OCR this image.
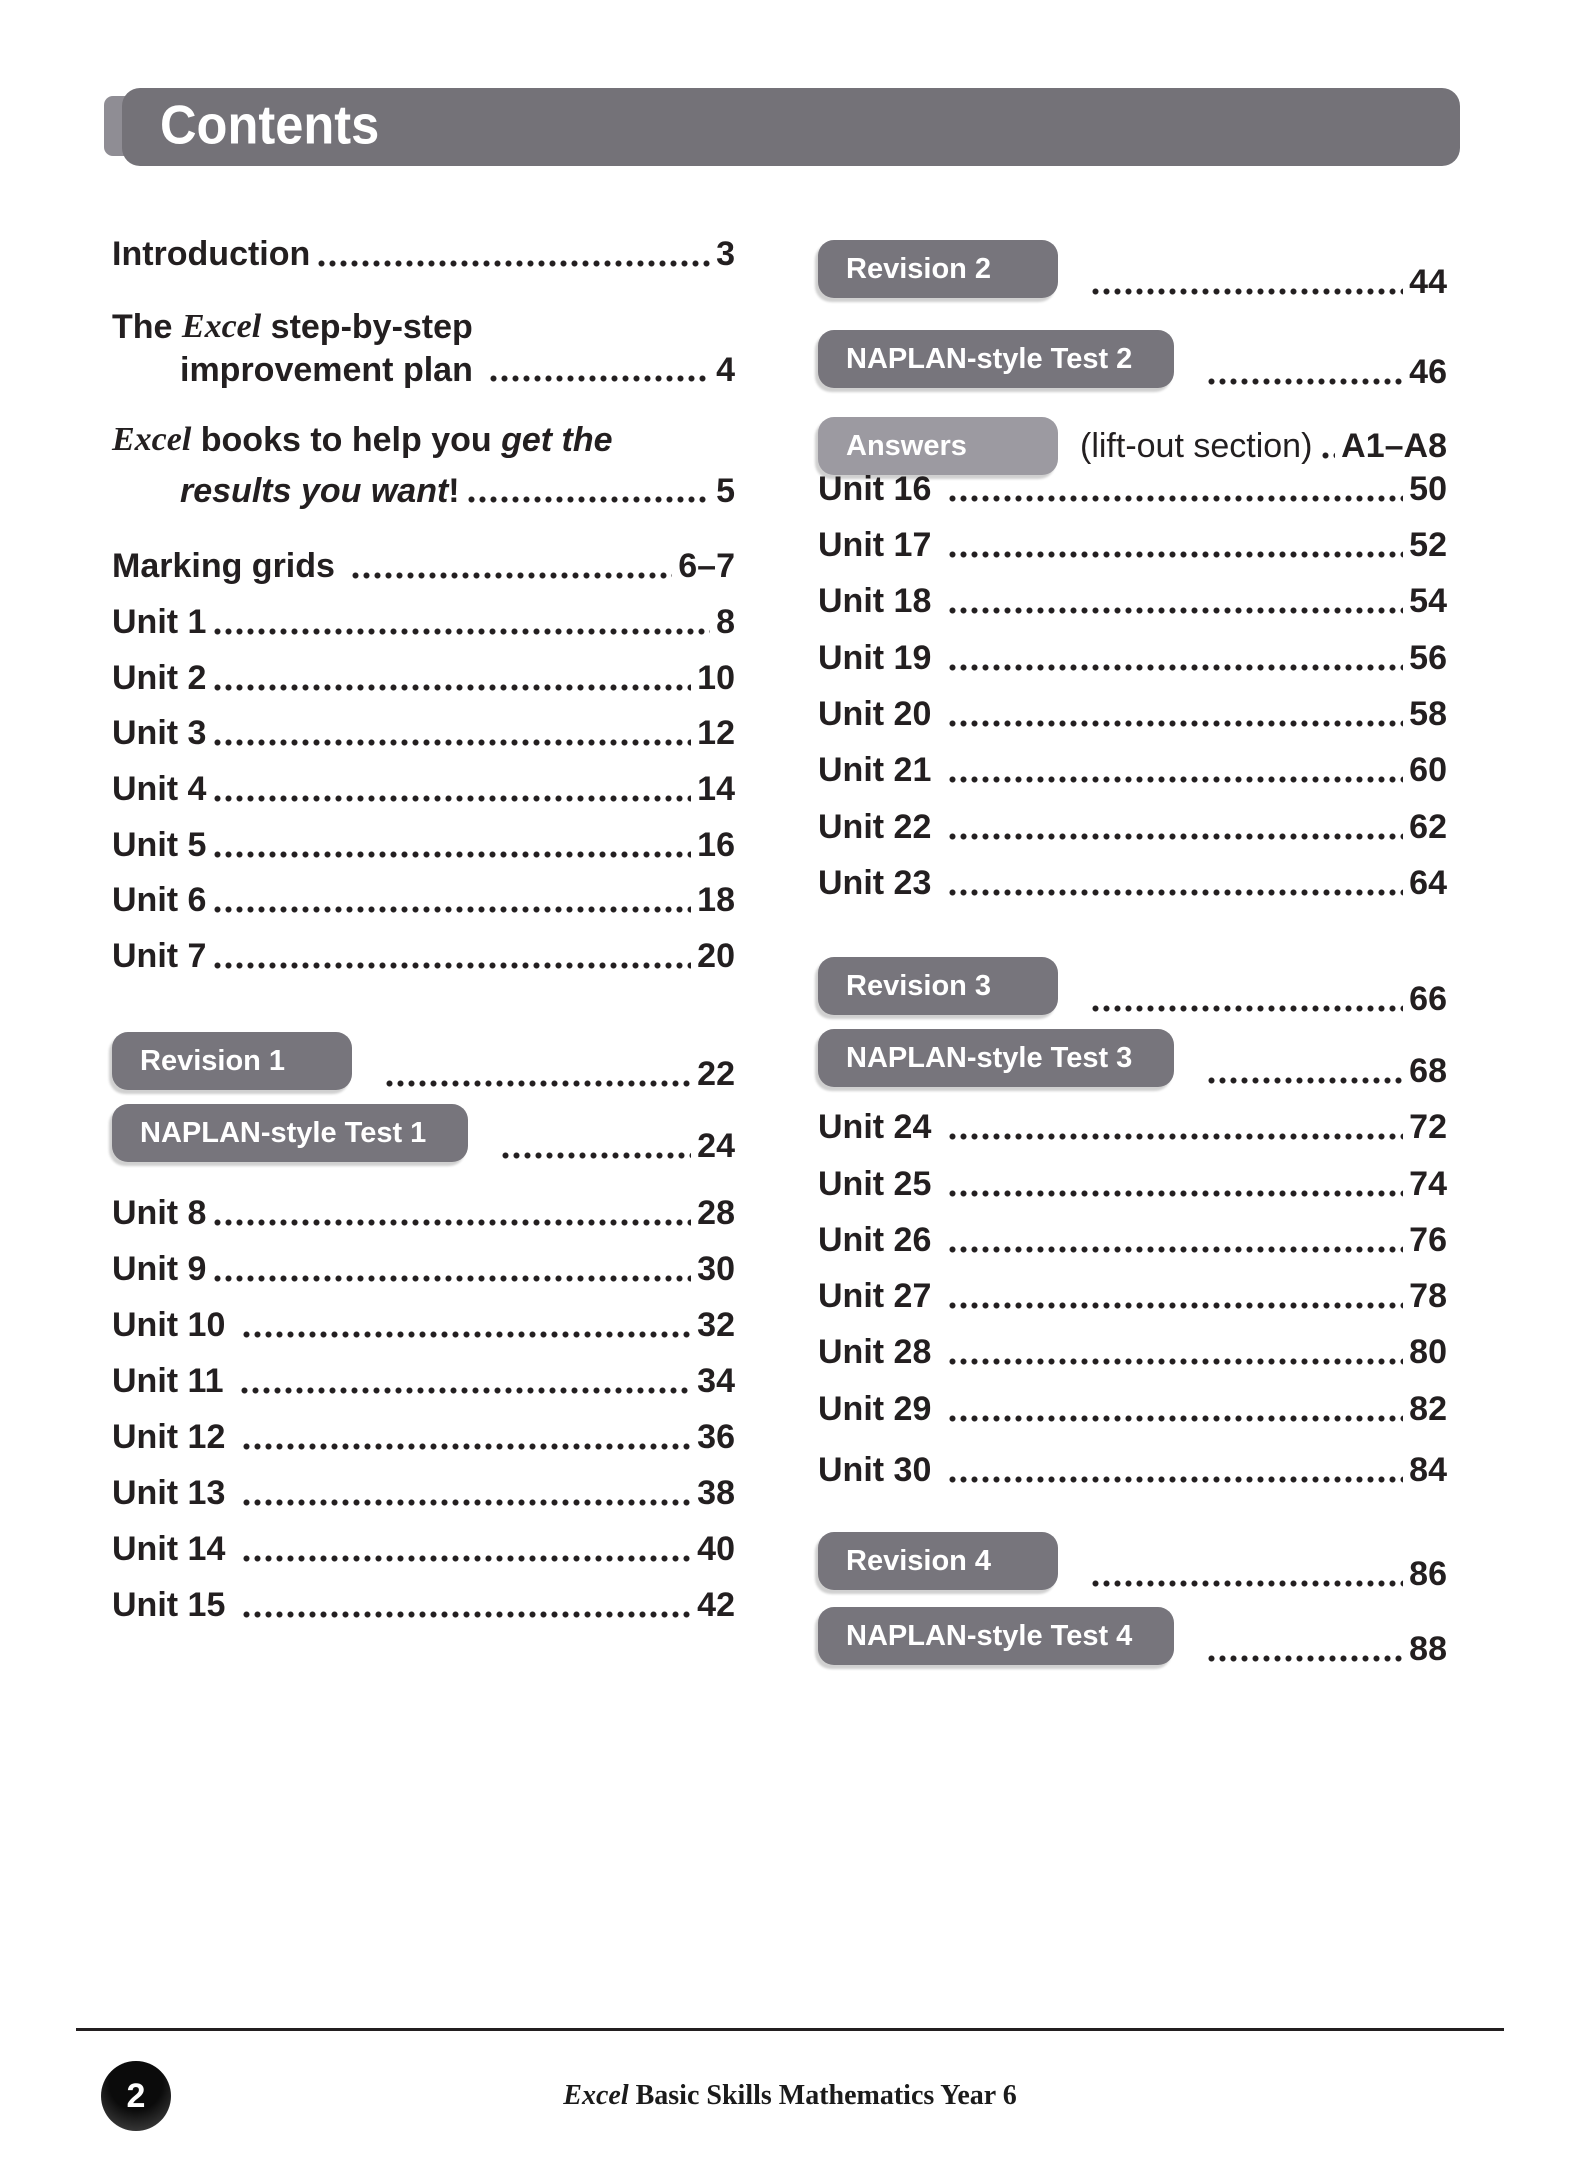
Contents
Introduction	3
The Excel step-by-step
improvement plan	4
Excel books to help you get the
results you want !	5
Marking grids	6–7
Unit 1	8
Unit 2	10
Unit 3	12
Unit 4	14
Unit 5	16
Unit 6	18
Unit 7	20
Revision 1	22
NAPLAN-style Test 1	24
Unit 8	28
Unit 9	30
Unit 10	32
Unit 11	34
Unit 12	36
Unit 13	38
Unit 14	40
Unit 15	42
Revision 2	44
NAPLAN-style Test 2	46
Answers	(lift-out section) A1–A8
Unit 16	50
Unit 17	52
Unit 18	54
Unit 19	56
Unit 20	58
Unit 21	60
Unit 22	62
Unit 23	64
Revision 3	66
NAPLAN-style Test 3	68
Unit 24	72
Unit 25	74
Unit 26	76
Unit 27	78
Unit 28	80
Unit 29	82
Unit 30	84
Revision 4	86
NAPLAN-style Test 4	88
2	Excel Basic Skills Mathematics Year 6
